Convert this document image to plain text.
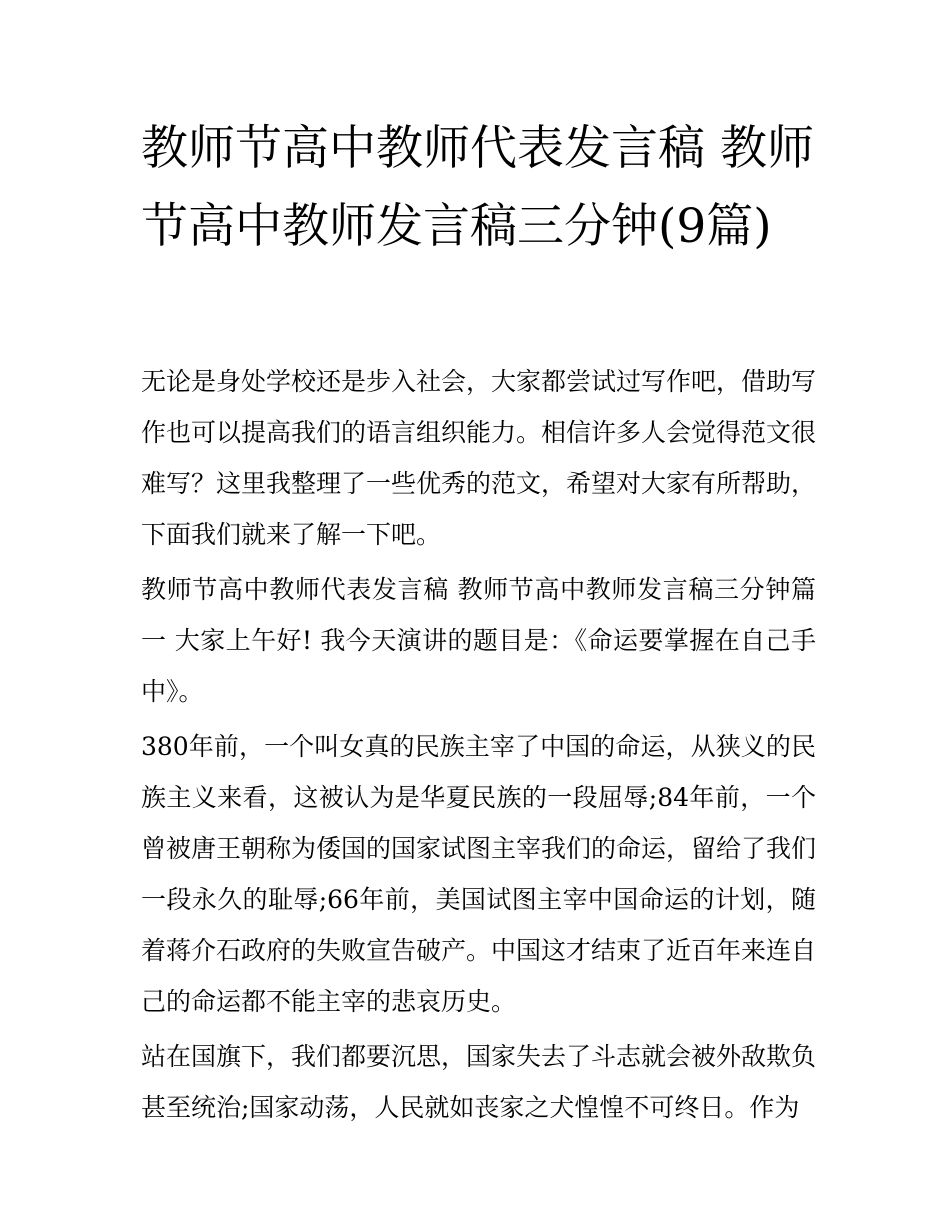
教师节高中教师代表发言稿 教师节高中教师发言稿三分钟(9篇)

无论是身处学校还是步入社会，大家都尝试过写作吧，借助写作也可以提高我们的语言组织能力。相信许多人会觉得范文很难写？这里我整理了一些优秀的范文，希望对大家有所帮助，下面我们就来了解一下吧。

教师节高中教师代表发言稿 教师节高中教师发言稿三分钟篇一 大家上午好! 我今天演讲的题目是：《命运要掌握在自己手中》。

380年前，一个叫女真的民族主宰了中国的命运，从狭义的民族主义来看，这被认为是华夏民族的一段屈辱;84年前，一个曾被唐王朝称为倭国的国家试图主宰我们的命运，留给了我们一段永久的耻辱;66年前，美国试图主宰中国命运的计划，随着蒋介石政府的失败宣告破产。中国这才结束了近百年来连自己的命运都不能主宰的悲哀历史。

站在国旗下，我们都要沉思，国家失去了斗志就会被外敌欺负甚至统治;国家动荡，人民就如丧家之犬惶惶不可终日。作为
